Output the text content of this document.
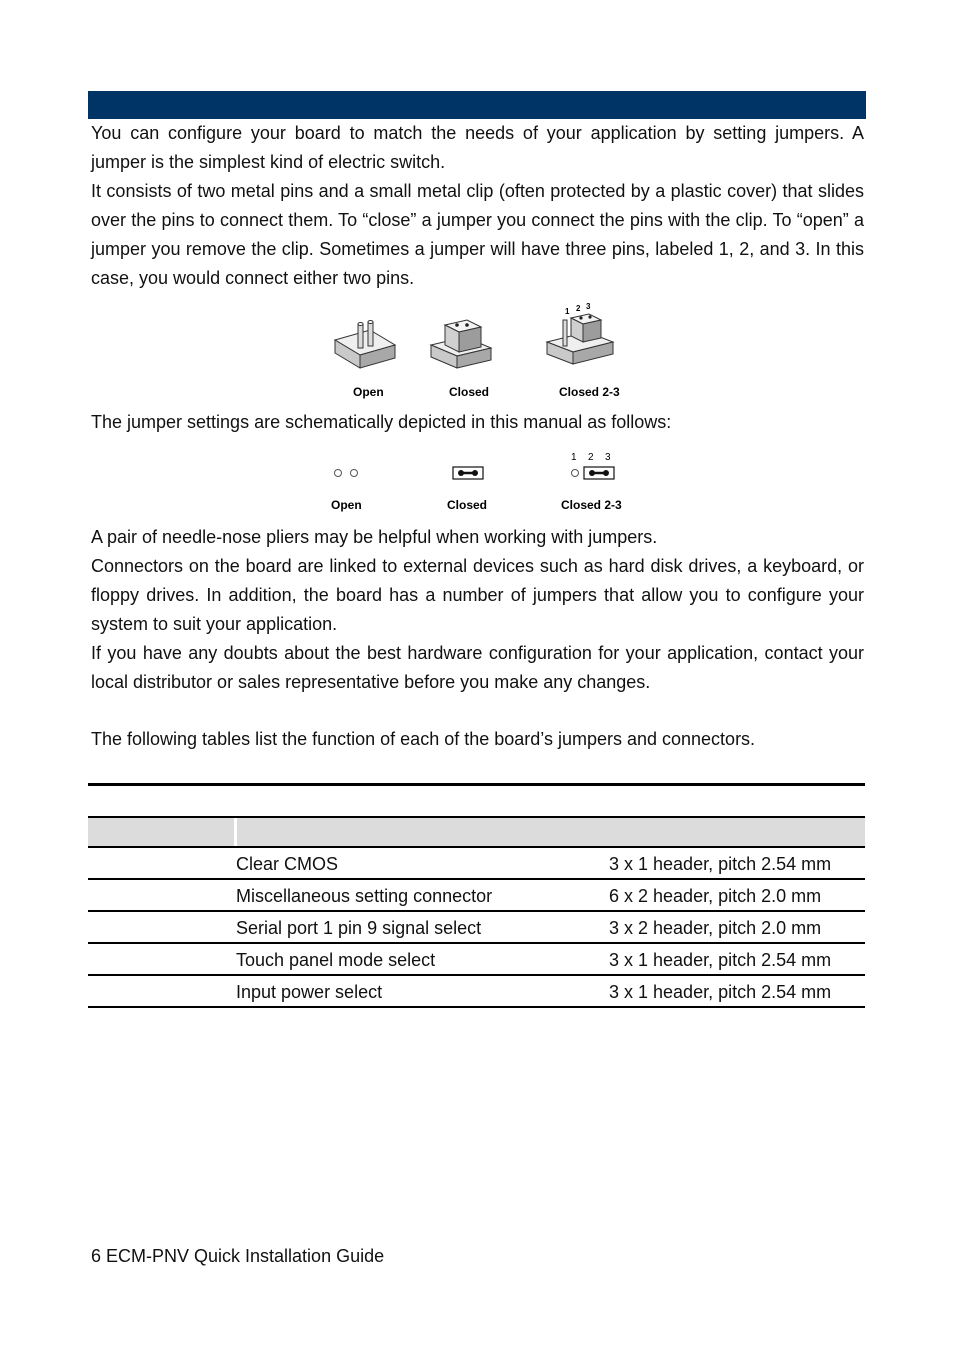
You can configure your board to match the needs of your application by setting jumpers. A jumper is the simplest kind of electric switch.

It consists of two metal pins and a small metal clip (often protected by a plastic cover) that slides over the pins to connect them. To “close” a jumper you connect the pins with the clip. To “open” a jumper you remove the clip. Sometimes a jumper will have three pins, labeled 1, 2, and 3. In this case, you would connect either two pins.

1 2 3
Open	Closed	Closed 2-3

The jumper settings are schematically depicted in this manual as follows:

1 2 3
Open	Closed	Closed 2-3

A pair of needle-nose pliers may be helpful when working with jumpers.

Connectors on the board are linked to external devices such as hard disk drives, a keyboard, or floppy drives. In addition, the board has a number of jumpers that allow you to configure your system to suit your application.

If you have any doubts about the best hardware configuration for your application, contact your local distributor or sales representative before you make any changes.

The following tables list the function of each of the board’s jumpers and connectors.

Clear CMOS	3 x 1 header, pitch 2.54 mm
Miscellaneous setting connector	6 x 2 header, pitch 2.0 mm
Serial port 1 pin 9 signal select	3 x 2 header, pitch 2.0 mm
Touch panel mode select	3 x 1 header, pitch 2.54 mm
Input power select	3 x 1 header, pitch 2.54 mm
6 ECM-PNV Quick Installation Guide
